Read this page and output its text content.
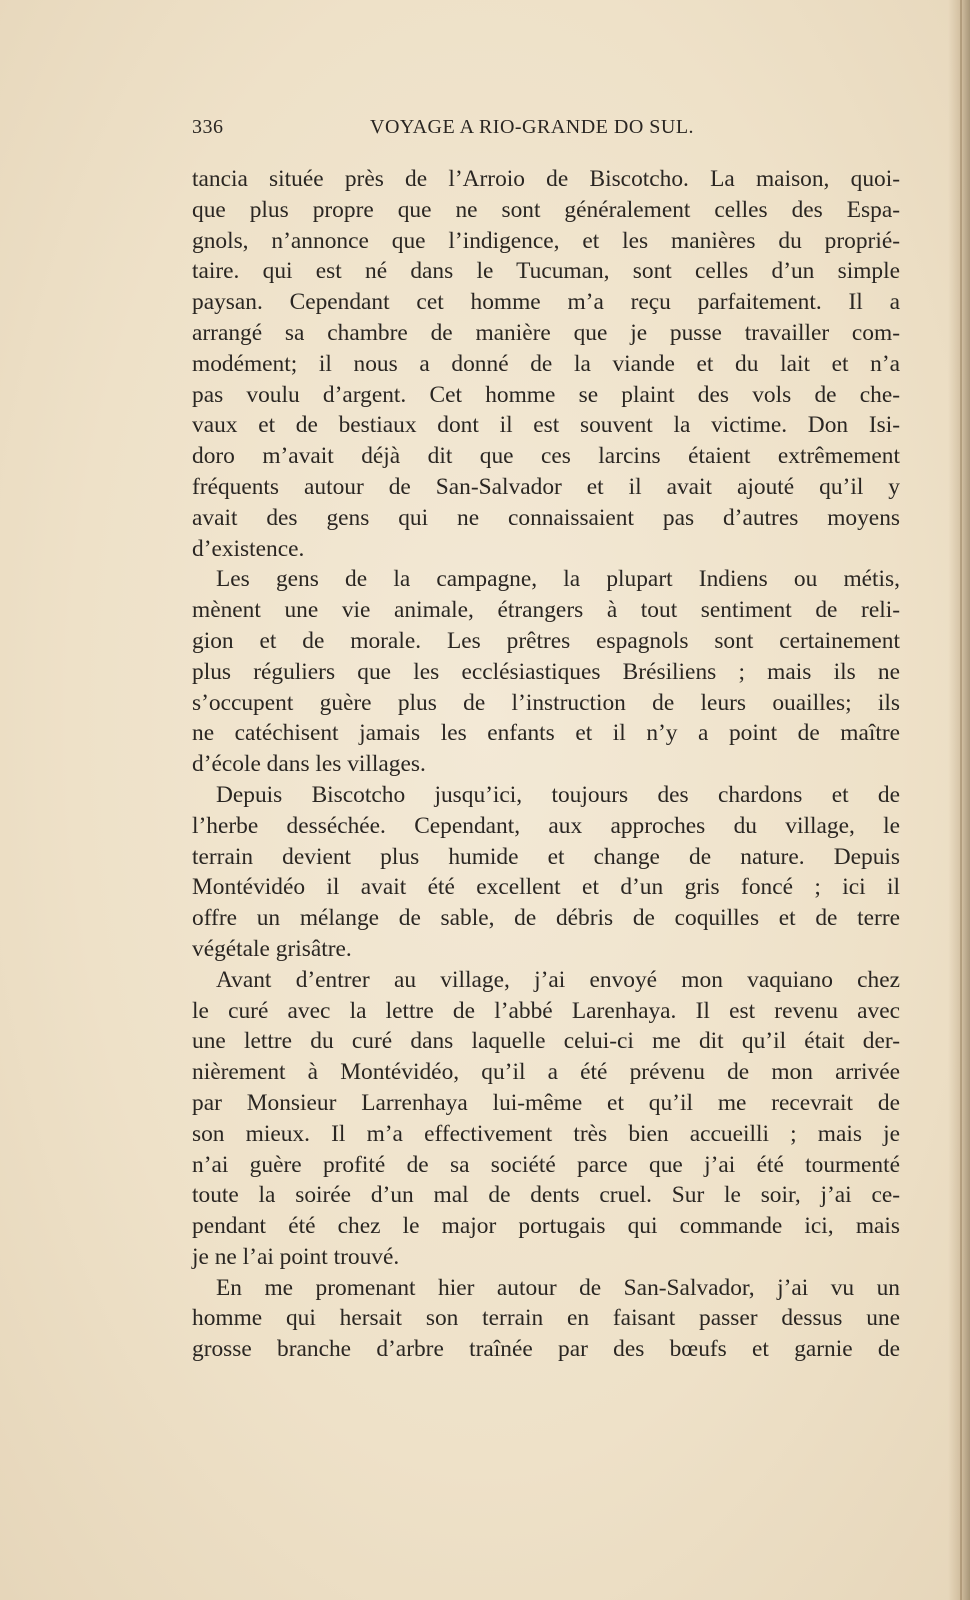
336	VOYAGE A RIO-GRANDE DO SUL.
tancia située près de l’Arroio de Biscotcho. La maison, quoi-
que plus propre que ne sont généralement celles des Espa-
gnols, n’annonce que l’indigence, et les manières du proprié-
taire. qui est né dans le Tucuman, sont celles d’un simple
paysan. Cependant cet homme m’a reçu parfaitement. Il a
arrangé sa chambre de manière que je pusse travailler com-
modément; il nous a donné de la viande et du lait et n’a
pas voulu d’argent. Cet homme se plaint des vols de che-
vaux et de bestiaux dont il est souvent la victime. Don Isi-
doro m’avait déjà dit que ces larcins étaient extrêmement
fréquents autour de San-Salvador et il avait ajouté qu’il y
avait des gens qui ne connaissaient pas d’autres moyens
d’existence.
Les gens de la campagne, la plupart Indiens ou métis,
mènent une vie animale, étrangers à tout sentiment de reli-
gion et de morale. Les prêtres espagnols sont certainement
plus réguliers que les ecclésiastiques Brésiliens ; mais ils ne
s’occupent guère plus de l’instruction de leurs ouailles; ils
ne catéchisent jamais les enfants et il n’y a point de maître
d’école dans les villages.
Depuis Biscotcho jusqu’ici, toujours des chardons et de
l’herbe desséchée. Cependant, aux approches du village, le
terrain devient plus humide et change de nature. Depuis
Montévidéo il avait été excellent et d’un gris foncé ; ici il
offre un mélange de sable, de débris de coquilles et de terre
végétale grisâtre.
Avant d’entrer au village, j’ai envoyé mon vaquiano chez
le curé avec la lettre de l’abbé Larenhaya. Il est revenu avec
une lettre du curé dans laquelle celui-ci me dit qu’il était der-
nièrement à Montévidéo, qu’il a été prévenu de mon arrivée
par Monsieur Larrenhaya lui-même et qu’il me recevrait de
son mieux. Il m’a effectivement très bien accueilli ; mais je
n’ai guère profité de sa société parce que j’ai été tourmenté
toute la soirée d’un mal de dents cruel. Sur le soir, j’ai ce-
pendant été chez le major portugais qui commande ici, mais
je ne l’ai point trouvé.
En me promenant hier autour de San-Salvador, j’ai vu un
homme qui hersait son terrain en faisant passer dessus une
grosse branche d’arbre traînée par des bœufs et garnie de
